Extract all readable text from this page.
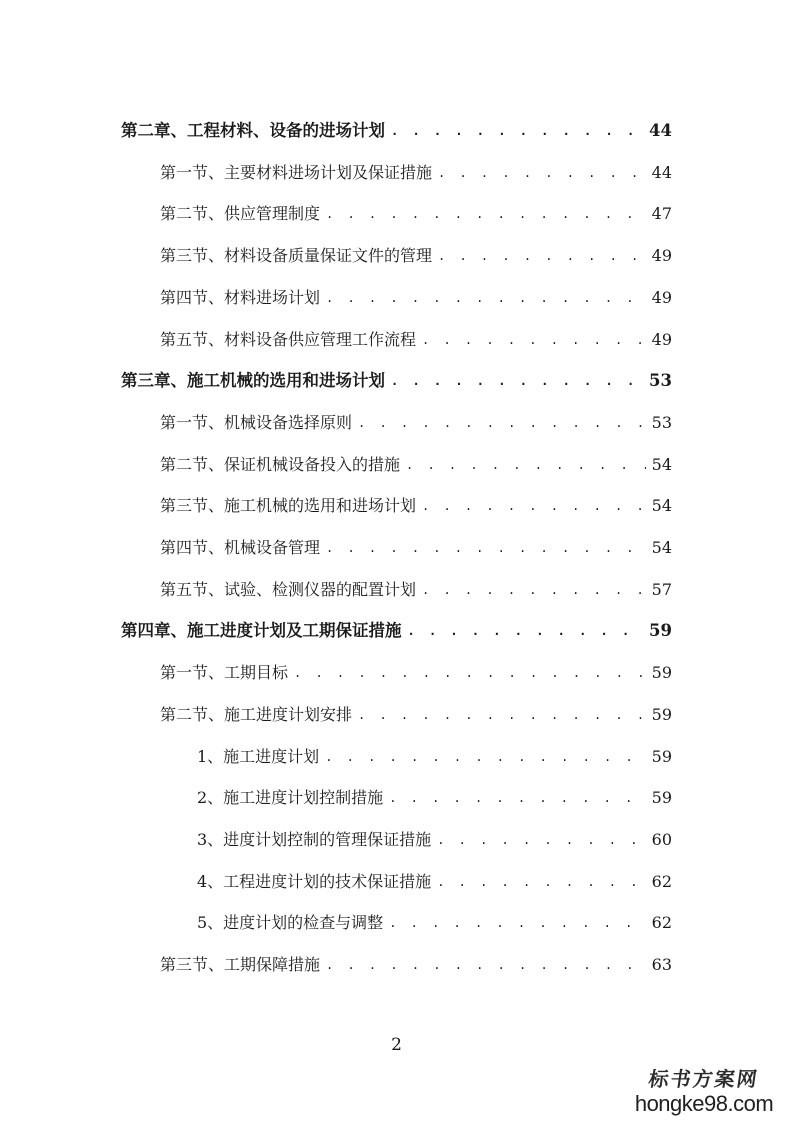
第二章、工程材料、设备的进场计划 . . .	44
第一节、主要材料进场计划及保证措施 . . .	44
第二节、供应管理制度 . . .	47
第三节、材料设备质量保证文件的管理 . . .	49
第四节、材料进场计划 . . .	49
第五节、材料设备供应管理工作流程 . . .	49
第三章、施工机械的选用和进场计划 . . .	53
第一节、机械设备选择原则 . . .	53
第二节、保证机械设备投入的措施 . . .	54
第三节、施工机械的选用和进场计划 . . .	54
第四节、机械设备管理 . . .	54
第五节、试验、检测仪器的配置计划 . . .	57
第四章、施工进度计划及工期保证措施 . . .	59
第一节、工期目标 . . .	59
第二节、施工进度计划安排 . . .	59
1、施工进度计划 . . .	59
2、施工进度计划控制措施 . . .	59
3、进度计划控制的管理保证措施 . . .	60
4、工程进度计划的技术保证措施 . . .	62
5、进度计划的检查与调整 . . .	62
第三节、工期保障措施 . . .	63
2
标书方案网
hongke98.com
